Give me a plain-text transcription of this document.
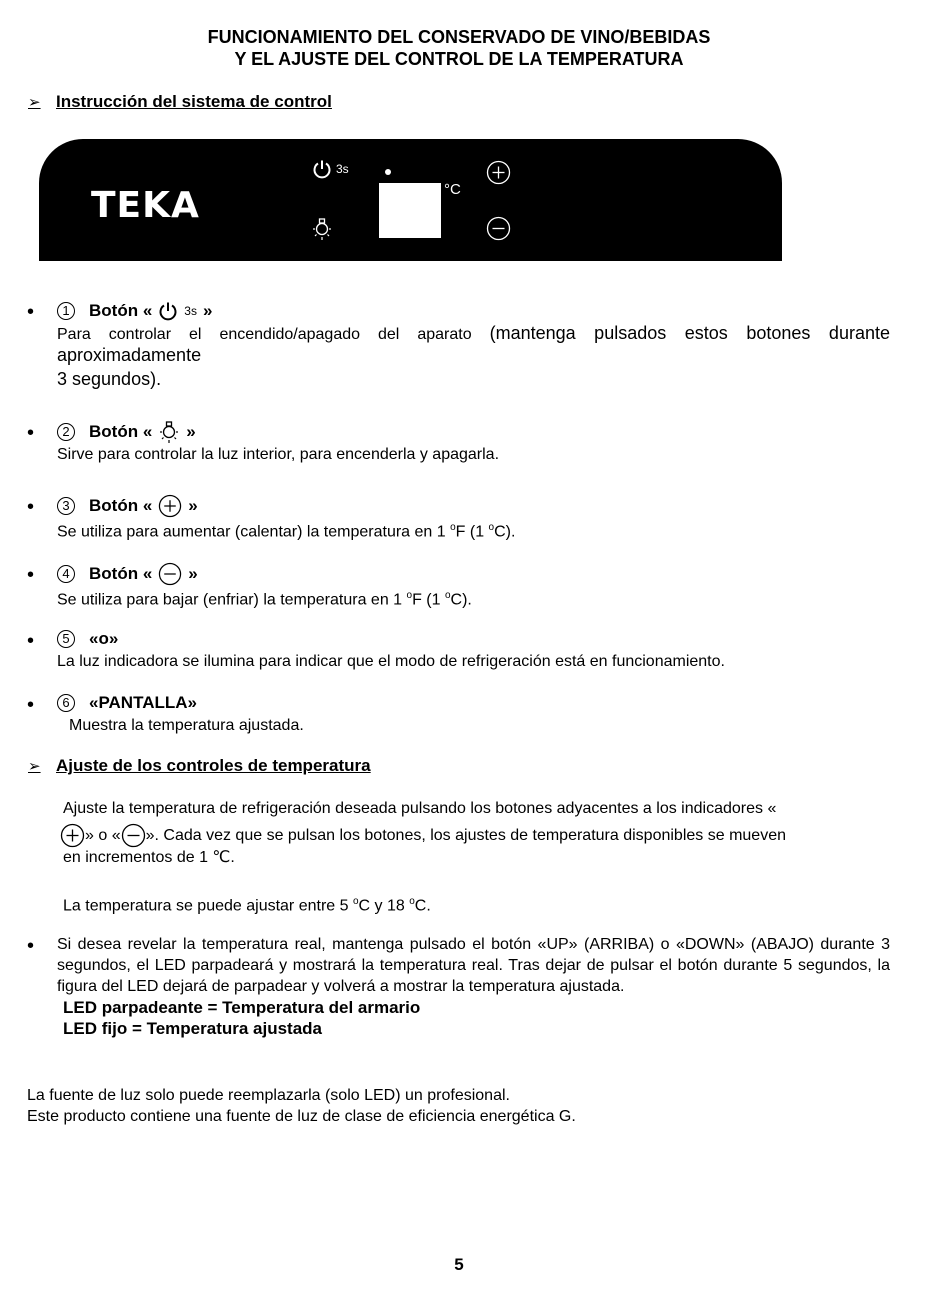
FUNCIONAMIENTO DEL CONSERVADO DE VINO/BEBIDAS
Y EL AJUSTE DEL CONTROL DE LA TEMPERATURA
➢ Instrucción del sistema de control
TEKA
3s
°C
•	1	Botón «	3s »
Para controlar el encendido/apagado del aparato (mantenga pulsados estos botones durante aproximadamente
3 segundos).
•	2	Botón « »
Sirve para controlar la luz interior, para encenderla y apagarla.
•	3	Botón « »
Se utiliza para aumentar (calentar) la temperatura en 1 $^o$F (1 $^o$C).
•	4	Botón « »
Se utiliza para bajar (enfriar) la temperatura en 1 $^o$F (1 $^o$C).
•	5	«o»
La luz indicadora se ilumina para indicar que el modo de refrigeración está en funcionamiento.
•	6	«PANTALLA»
Muestra la temperatura ajustada.
➢ Ajuste de los controles de temperatura
Ajuste la temperatura de refrigeración deseada pulsando los botones adyacentes a los indicadores «
» o « ». Cada vez que se pulsan los botones, los ajustes de temperatura disponibles se mueven
en incrementos de 1 ℃.
La temperatura se puede ajustar entre 5 $^o$C y 18 $^o$C.
• Si desea revelar la temperatura real, mantenga pulsado el botón «UP» (ARRIBA) o «DOWN» (ABAJO) durante 3 segundos, el LED parpadeará y mostrará la temperatura real. Tras dejar de pulsar el botón durante 5 segundos, la figura del LED dejará de parpadear y volverá a mostrar la temperatura ajustada.
LED parpadeante = Temperatura del armario
LED fijo = Temperatura ajustada
La fuente de luz solo puede reemplazarla (solo LED) un profesional.
Este producto contiene una fuente de luz de clase de eficiencia energética G.
5
